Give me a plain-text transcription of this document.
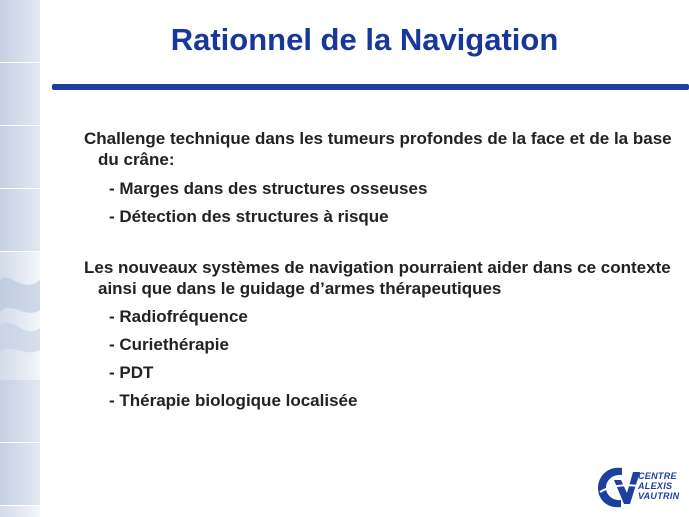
Rationnel de la Navigation

Challenge technique dans les tumeurs profondes de la face et de la base du crâne:

- Marges dans des structures osseuses

- Détection des structures à risque

Les nouveaux systèmes de navigation pourraient aider dans ce contexte ainsi que dans le guidage d’armes thérapeutiques

- Radiofréquence

- Curiethérapie

- PDT

- Thérapie biologique localisée

CENTRE
ALEXIS
VAUTRIN
